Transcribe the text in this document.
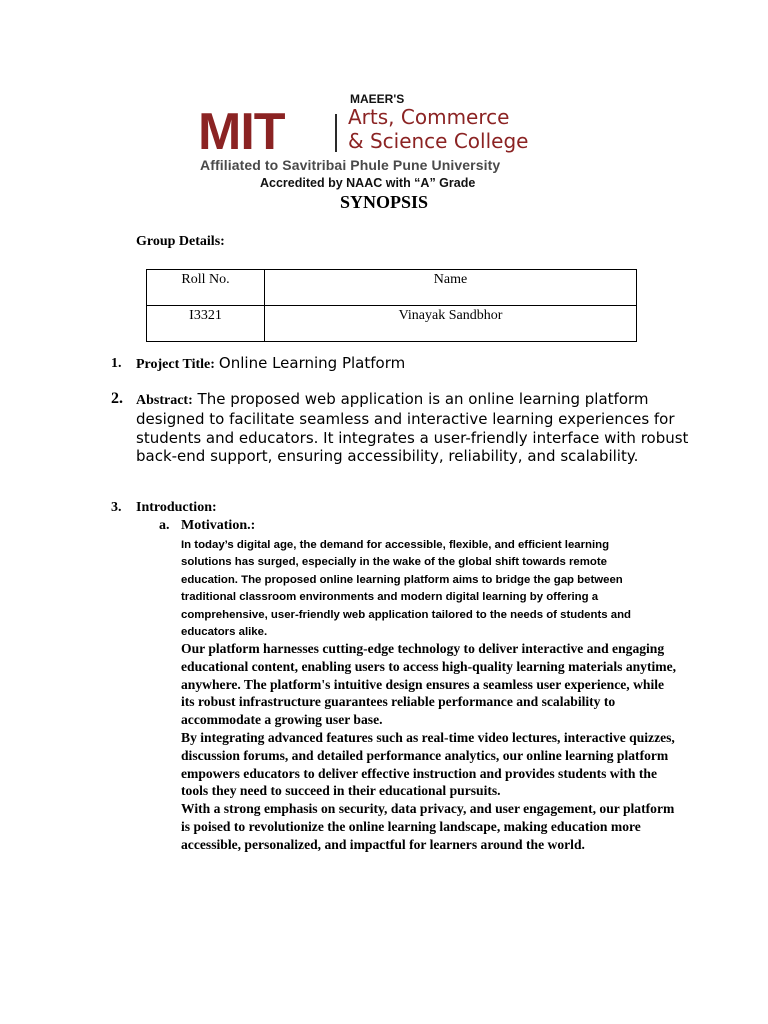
MIT
MAEER'S
Arts, Commerce
& Science College
Affiliated to Savitribai Phule Pune University
Accredited by NAAC with “A” Grade
SYNOPSIS
Group Details:
Roll No.	Name
I3321	Vinayak Sandbhor
1. Project Title: Online Learning Platform
2. Abstract: The proposed web application is an online learning platform designed to facilitate seamless and interactive learning experiences for students and educators. It integrates a user-friendly interface with robust back-end support, ensuring accessibility, reliability, and scalability.
3. Introduction:
a. Motivation.:
In today’s digital age, the demand for accessible, flexible, and efficient learning solutions has surged, especially in the wake of the global shift towards remote education. The proposed online learning platform aims to bridge the gap between traditional classroom environments and modern digital learning by offering a comprehensive, user-friendly web application tailored to the needs of students and educators alike.
Our platform harnesses cutting-edge technology to deliver interactive and engaging educational content, enabling users to access high-quality learning materials anytime, anywhere. The platform's intuitive design ensures a seamless user experience, while its robust infrastructure guarantees reliable performance and scalability to accommodate a growing user base.
By integrating advanced features such as real-time video lectures, interactive quizzes, discussion forums, and detailed performance analytics, our online learning platform empowers educators to deliver effective instruction and provides students with the tools they need to succeed in their educational pursuits.
With a strong emphasis on security, data privacy, and user engagement, our platform is poised to revolutionize the online learning landscape, making education more accessible, personalized, and impactful for learners around the world.
